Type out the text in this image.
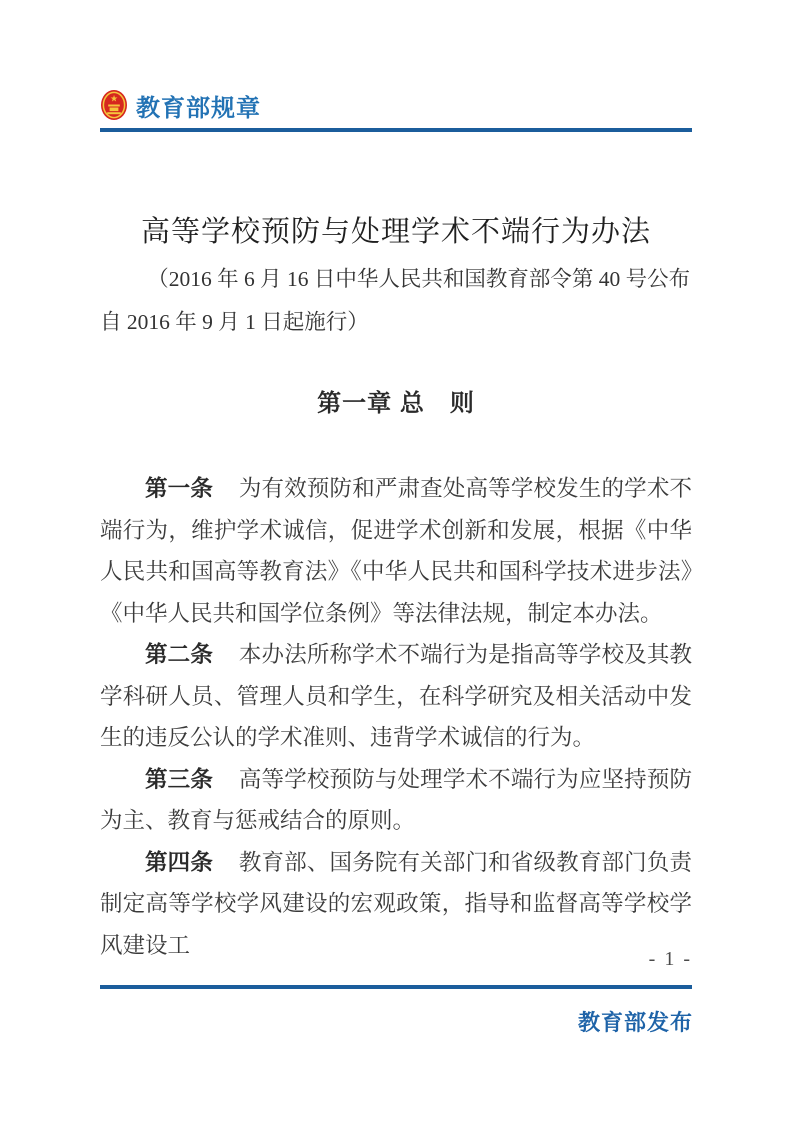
★ 教育部规章
高等学校预防与处理学术不端行为办法
（2016 年 6 月 16 日中华人民共和国教育部令第 40 号公布
自 2016 年 9 月 1 日起施行）
第一章 总　则

第一条 为有效预防和严肃查处高等学校发生的学术不端行为，维护学术诚信，促进学术创新和发展，根据《中华人民共和国高等教育法》《中华人民共和国科学技术进步法》《中华人民共和国学位条例》等法律法规，制定本办法。

第二条 本办法所称学术不端行为是指高等学校及其教学科研人员、管理人员和学生，在科学研究及相关活动中发生的违反公认的学术准则、违背学术诚信的行为。

第三条 高等学校预防与处理学术不端行为应坚持预防为主、教育与惩戒结合的原则。

第四条 教育部、国务院有关部门和省级教育部门负责制定高等学校学风建设的宏观政策，指导和监督高等学校学风建设工

- 1 -
教育部发布
